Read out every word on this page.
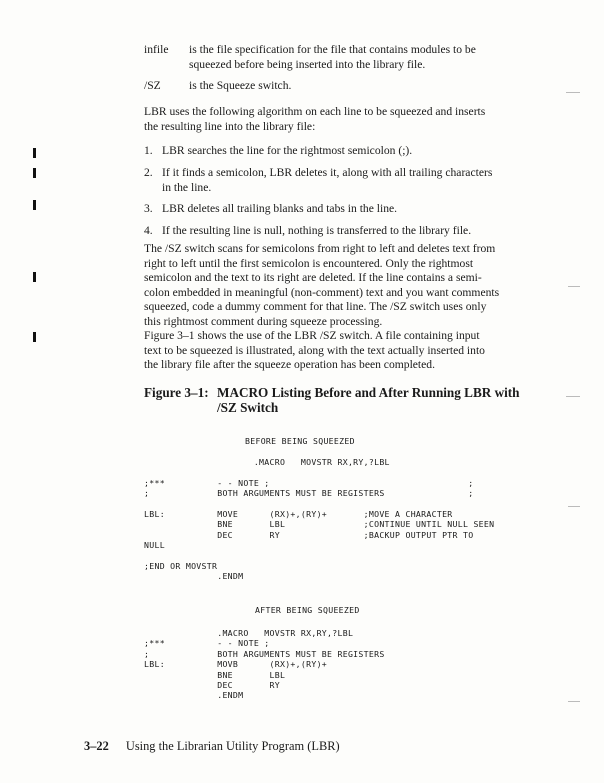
infile is the file specification for the file that contains modules to be
squeezed before being inserted into the library file.
/SZ is the Squeeze switch.
LBR uses the following algorithm on each line to be squeezed and inserts
the resulting line into the library file:
1. LBR searches the line for the rightmost semicolon (;).
2. If it finds a semicolon, LBR deletes it, along with all trailing characters
in the line.
3. LBR deletes all trailing blanks and tabs in the line.
4. If the resulting line is null, nothing is transferred to the library file.
The /SZ switch scans for semicolons from right to left and deletes text from
right to left until the first semicolon is encountered. Only the rightmost
semicolon and the text to its right are deleted. If the line contains a semi-
colon embedded in meaningful (non-comment) text and you want comments
squeezed, code a dummy comment for that line. The /SZ switch uses only
this rightmost comment during squeeze processing.
Figure 3–1 shows the use of the LBR /SZ switch. A file containing input
text to be squeezed is illustrated, along with the text actually inserted into
the library file after the squeeze operation has been completed.
Figure 3–1: MACRO Listing Before and After Running LBR with
/SZ Switch
BEFORE BEING SQUEEZED
.MACRO   MOVSTR RX,RY,?LBL

;***          - - NOTE ;                                      ;
;             BOTH ARGUMENTS MUST BE REGISTERS                ;

LBL:          MOVE      (RX)+,(RY)+       ;MOVE A CHARACTER
BNE       LBL               ;CONTINUE UNTIL NULL SEEN
DEC       RY                ;BACKUP OUTPUT PTR TO
NULL

;END OR MOVSTR
.ENDM
AFTER BEING SQUEEZED
.MACRO   MOVSTR RX,RY,?LBL
;***          - - NOTE ;
;             BOTH ARGUMENTS MUST BE REGISTERS
LBL:          MOVB      (RX)+,(RY)+
BNE       LBL
DEC       RY
.ENDM
3–22 Using the Librarian Utility Program (LBR)
